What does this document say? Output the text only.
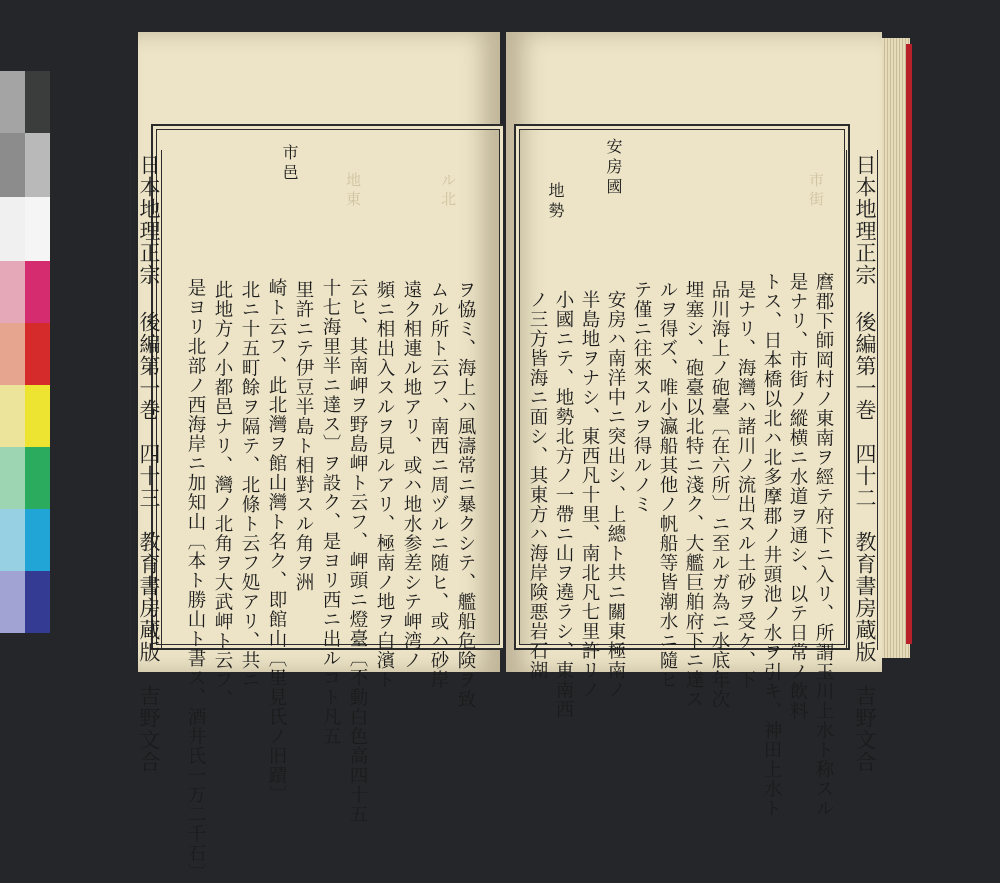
日本地理正宗 後編第一巻　四十三　教育書房蔵版　吉野文合	ル北
地東
市邑
ヲ恊ミ、海上ハ風濤常ニ暴クシテ、艦船危険ヲ致
ムル所ト云フ、南西ニ周ヅルニ随ヒ、或ハ砂岸
遠ク相連ル地アリ、或ハ地水参差シテ岬湾ノ
頻ニ相出入スルヲ見ルアリ、極南ノ地ヲ白濱ト
云ヒ、其南岬ヲ野島岬ト云フ、岬頭ニ燈臺〔不動白色高四十五
十七海里半ニ達ス〕ヲ設ク、是ヨリ西ニ出ルコト凡五
里許ニテ伊豆半島ト相對スル角ヲ洲
崎ト云フ、此北灣ヲ館山灣ト名ク、即館山〔里見氏ノ旧蹟〕
北ニ十五町餘ヲ隔テ、北條ト云フ処アリ、共ニ
此地方ノ小都邑ナリ、灣ノ北角ヲ大武岬ト云フ、
是ヨリ北部ノ西海岸ニ加知山〔本ト勝山ト書ス、酒井氏一万二千石〕	日本地理正宗 後編第一巻　四十二　教育書房蔵版　吉野文合
安房國
地勢	市街
麿郡下師岡村ノ東南ヲ經テ府下ニ入リ、所謂玉川上水ト称スル
是ナリ、市街ノ縱横ニ水道ヲ通シ、以テ日常ノ飲料
トス、日本橋以北ハ北多摩郡ノ井頭池ノ水ヲ引キ、神田上水ト
是ナリ、海灣ハ諸川ノ流出スル土砂ヲ受ケ、下
品川海上ノ砲臺〔在六所〕ニ至ルガ為ニ水底年次
埋塞シ、砲臺以北特ニ淺ク、大艦巨舶府下ニ達ス
ルヲ得ズ、唯小瀛船其他ノ帆船等皆潮水ニ隨ヒ
テ僅ニ往來スルヲ得ルノミ
安房ハ南洋中ニ突出シ、上總ト共ニ關東極南ノ
半島地ヲナシ、東西凡十里、南北凡七里許リノ
小國ニテ、地勢北方ノ一帶ニ山ヲ遶ラシ、東南西
ノ三方皆海ニ面シ、其東方ハ海岸険悪岩石湖
